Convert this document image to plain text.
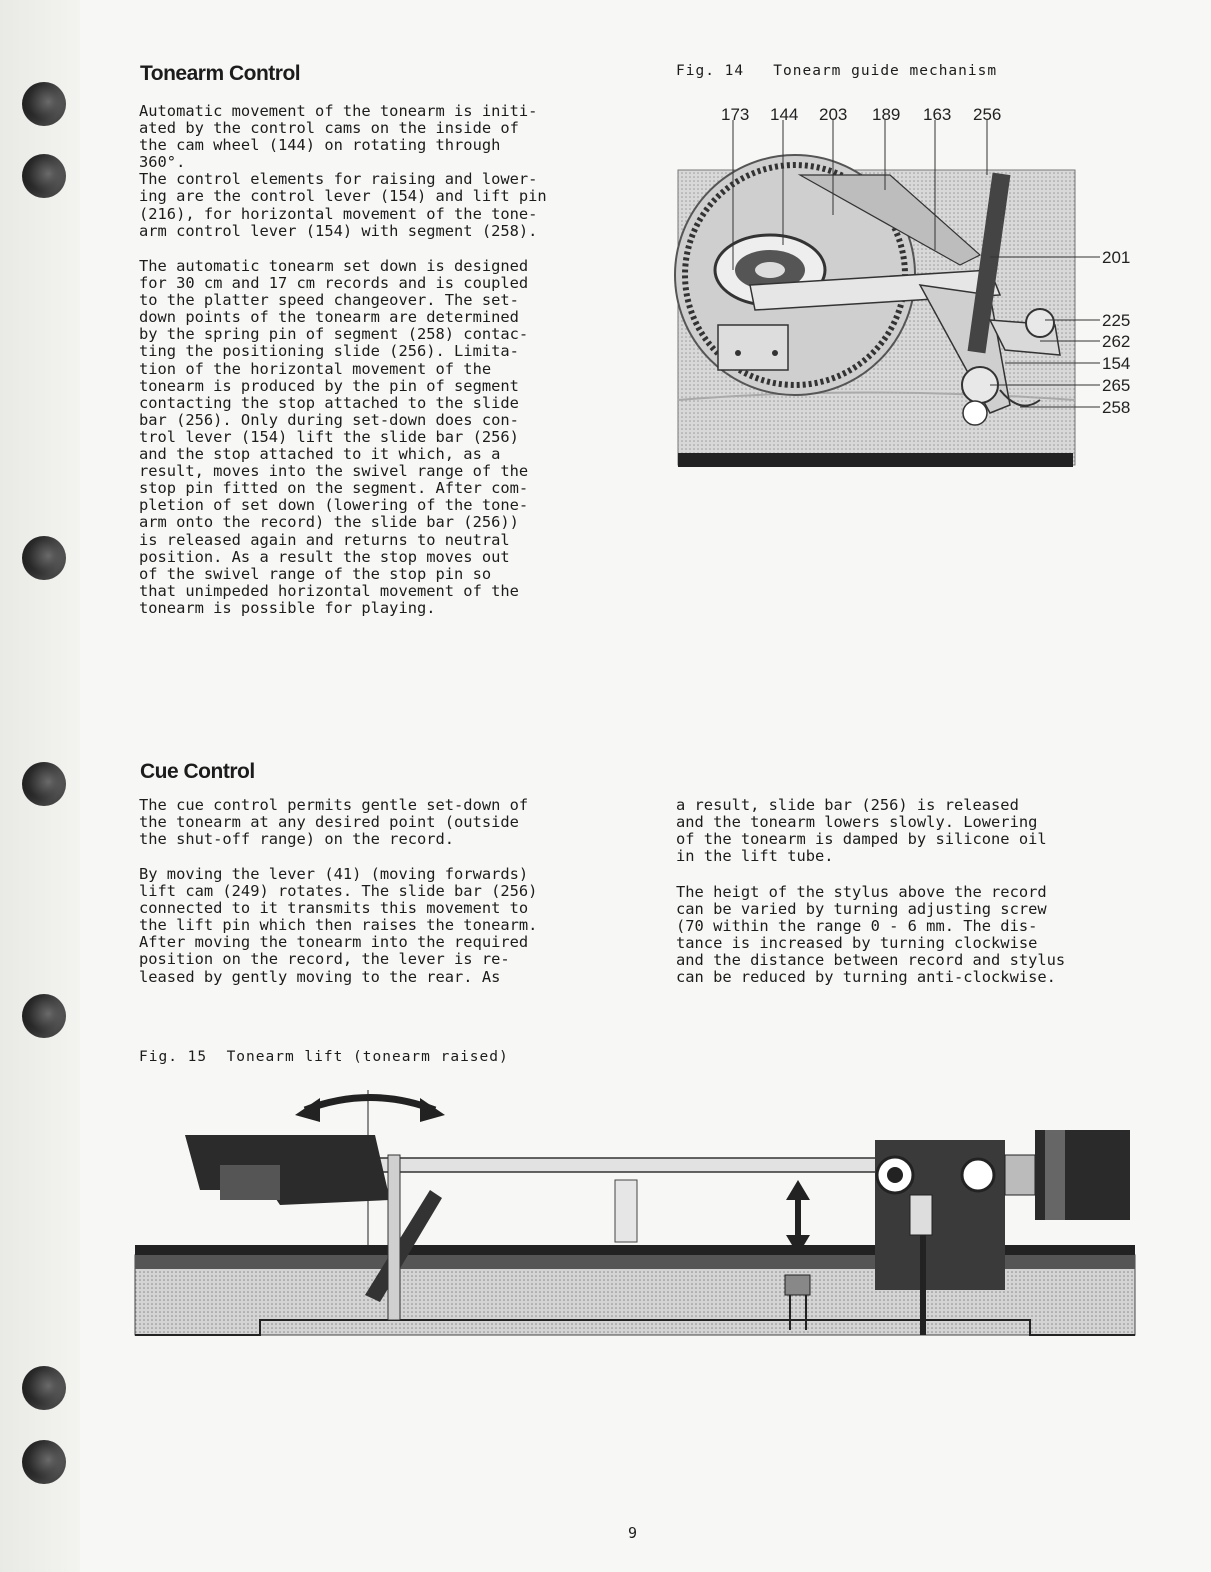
Tonearm Control
Automatic movement of the tonearm is initi-
ated by the control cams on the inside of
the cam wheel (144) on rotating through
360°.
The control elements for raising and lower-
ing are the control lever (154) and lift pin
(216), for horizontal movement of the tone-
arm control lever (154) with segment (258).
The automatic tonearm set down is designed
for 30 cm and 17 cm records and is coupled
to the platter speed changeover. The set-
down points of the tonearm are determined
by the spring pin of segment (258) contac-
ting the positioning slide (256). Limita-
tion of the horizontal movement of the
tonearm is produced by the pin of segment
contacting the stop attached to the slide
bar (256). Only during set-down does con-
trol lever (154) lift the slide bar (256)
and the stop attached to it which, as a
result, moves into the swivel range of the
stop pin fitted on the segment. After com-
pletion of set down (lowering of the tone-
arm onto the record) the slide bar (256))
is released again and returns to neutral
position. As a result the stop moves out
of the swivel range of the stop pin so
that unimpeded horizontal movement of the
tonearm is possible for playing.
Fig. 14   Tonearm guide mechanism
173 144 203 189 163 256
201
225
262
154
265
258
Cue Control
The cue control permits gentle set-down of
the tonearm at any desired point (outside
the shut-off range) on the record.
By moving the lever (41) (moving forwards)
lift cam (249) rotates. The slide bar (256)
connected to it transmits this movement to
the lift pin which then raises the tonearm.
After moving the tonearm into the required
position on the record, the lever is re-
leased by gently moving to the rear. As
a result, slide bar (256) is released
and the tonearm lowers slowly. Lowering
of the tonearm is damped by silicone oil
in the lift tube.
The heigt of the stylus above the record
can be varied by turning adjusting screw
(70 within the range 0 - 6 mm. The dis-
tance is increased by turning clockwise
and the distance between record and stylus
can be reduced by turning anti-clockwise.
Fig. 15  Tonearm lift (tonearm raised)
9
